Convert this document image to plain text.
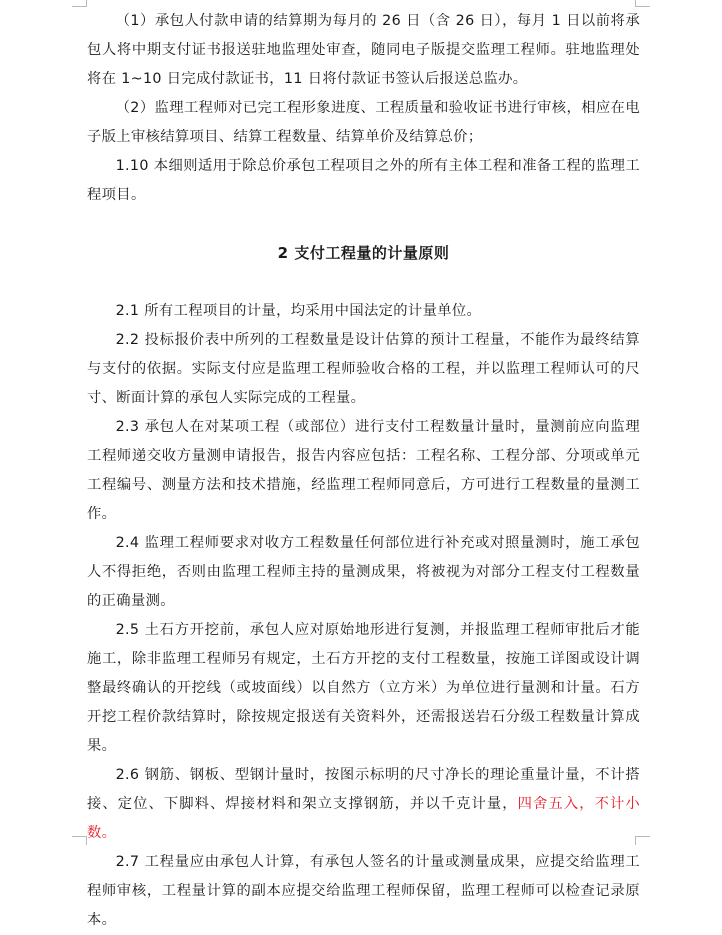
（1）承包人付款申请的结算期为每月的 26 日（含 26 日），每月 1 日以前将承包人将中期支付证书报送驻地监理处审查，随同电子版提交监理工程师。驻地监理处将在 1~10 日完成付款证书，11 日将付款证书签认后报送总监办。

（2）监理工程师对已完工程形象进度、工程质量和验收证书进行审核，相应在电子版上审核结算项目、结算工程数量、结算单价及结算总价；

1.10 本细则适用于除总价承包工程项目之外的所有主体工程和准备工程的监理工程项目。

2 支付工程量的计量原则

2.1 所有工程项目的计量，均采用中国法定的计量单位。

2.2 投标报价表中所列的工程数量是设计估算的预计工程量，不能作为最终结算与支付的依据。实际支付应是监理工程师验收合格的工程，并以监理工程师认可的尺寸、断面计算的承包人实际完成的工程量。

2.3 承包人在对某项工程（或部位）进行支付工程数量计量时，量测前应向监理工程师递交收方量测申请报告，报告内容应包括：工程名称、工程分部、分项或单元工程编号、测量方法和技术措施，经监理工程师同意后，方可进行工程数量的量测工作。

2.4 监理工程师要求对收方工程数量任何部位进行补充或对照量测时，施工承包人不得拒绝，否则由监理工程师主持的量测成果，将被视为对部分工程支付工程数量的正确量测。

2.5 土石方开挖前，承包人应对原始地形进行复测，并报监理工程师审批后才能施工，除非监理工程师另有规定，土石方开挖的支付工程数量，按施工详图或设计调整最终确认的开挖线（或坡面线）以自然方（立方米）为单位进行量测和计量。石方开挖工程价款结算时，除按规定报送有关资料外，还需报送岩石分级工程数量计算成果。

2.6 钢筋、钢板、型钢计量时，按图示标明的尺寸净长的理论重量计量，不计搭接、定位、下脚料、焊接材料和架立支撑钢筋，并以千克计量，四舍五入，不计小数。

2.7 工程量应由承包人计算，有承包人签名的计量或测量成果，应提交给监理工程师审核，工程量计算的副本应提交给监理工程师保留，监理工程师可以检查记录原本。
